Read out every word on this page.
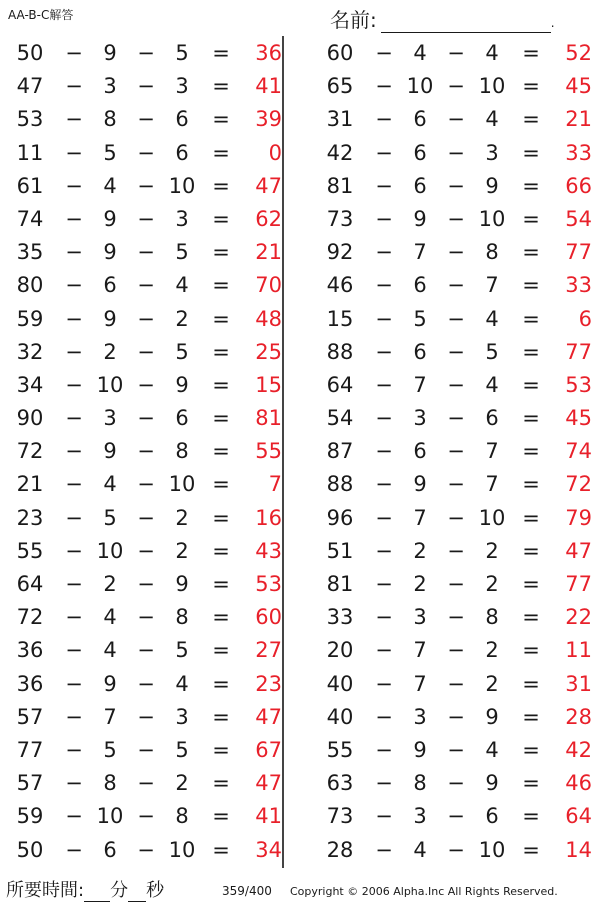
AA-B-C解答	名前:	.
50	− 9 − 5	=	36
47	− 3 − 3	=	41
53	− 8 − 6	=	39
11	− 5 − 6	=	0
61	− 4 − 10 =	47
74	− 9 − 3	=	62
35	− 9 − 5	=	21
80	− 6 − 4	=	70
59	− 9 − 2	=	48
32	− 2 − 5	=	25
34	− 10 − 9	=	15
90	− 3 − 6	=	81
72	− 9 − 8	=	55
21	− 4 − 10 =	7
23	− 5 − 2	=	16
55	− 10 − 2	=	43
64	− 2 − 9	=	53
72	− 4 − 8	=	60
36	− 4 − 5	=	27
36	− 9 − 4	=	23
57	− 7 − 3	=	47
77	− 5 − 5	=	67
57	− 8 − 2	=	47
59	− 10 − 8	=	41
50	− 6 − 10 =	34
60	− 4 − 4	=	52
65	− 10 − 10 =	45
31	− 6 − 4	=	21
42	− 6 − 3	=	33
81	− 6 − 9	=	66
73	− 9 − 10 =	54
92	− 7 − 8	=	77
46	− 6 − 7	=	33
15	− 5 − 4	=	6
88	− 6 − 5	=	77
64	− 7 − 4	=	53
54	− 3 − 6	=	45
87	− 6 − 7	=	74
88	− 9 − 7	=	72
96	− 7 − 10 =	79
51	− 2 − 2	=	47
81	− 2 − 2	=	77
33	− 3 − 8	=	22
20	− 7 − 2	=	11
40	− 7 − 2	=	31
40	− 3 − 9	=	28
55	− 9 − 4	=	42
63	− 8 − 9	=	46
73	− 3 − 6	=	64
28	− 4 − 10 =	14
所要時間: 分 秒	359/400 Copyright © 2006 Alpha.Inc All Rights Reserved.
